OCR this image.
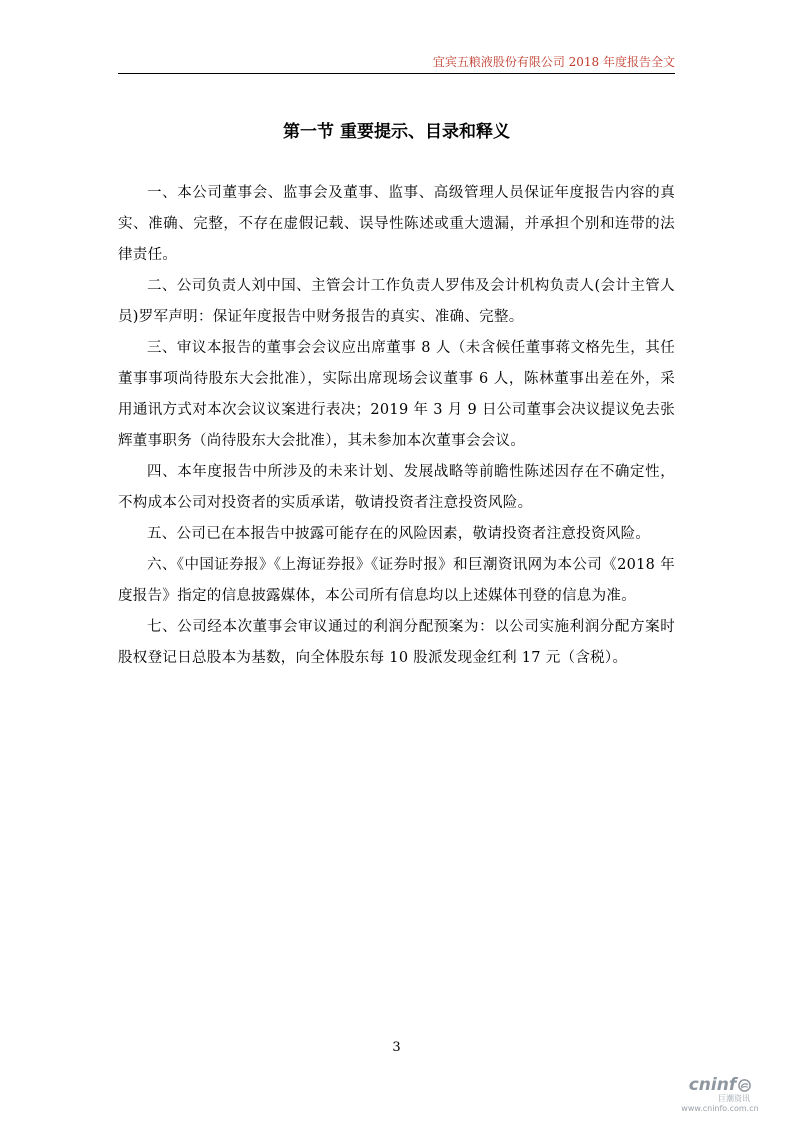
宜宾五粮液股份有限公司 2018 年度报告全文
第一节 重要提示、目录和释义

一、本公司董事会、监事会及董事、监事、高级管理人员保证年度报告内容的真实、准确、完整，不存在虚假记载、误导性陈述或重大遗漏，并承担个别和连带的法律责任。

二、公司负责人刘中国、主管会计工作负责人罗伟及会计机构负责人(会计主管人员)罗军声明：保证年度报告中财务报告的真实、准确、完整。

三、审议本报告的董事会会议应出席董事 8 人（未含候任董事蒋文格先生，其任董事事项尚待股东大会批准），实际出席现场会议董事 6 人，陈林董事出差在外，采用通讯方式对本次会议议案进行表决；2019 年 3 月 9 日公司董事会决议提议免去张辉董事职务（尚待股东大会批准），其未参加本次董事会会议。

四、本年度报告中所涉及的未来计划、发展战略等前瞻性陈述因存在不确定性，不构成本公司对投资者的实质承诺，敬请投资者注意投资风险。

五、公司已在本报告中披露可能存在的风险因素，敬请投资者注意投资风险。

六、《中国证券报》《上海证券报》《证券时报》和巨潮资讯网为本公司《2018 年度报告》指定的信息披露媒体，本公司所有信息均以上述媒体刊登的信息为准。

七、公司经本次董事会审议通过的利润分配预案为：以公司实施利润分配方案时股权登记日总股本为基数，向全体股东每 10 股派发现金红利 17 元（含税）。

3
cninf
巨潮资讯
www.cninfo.com.cn
